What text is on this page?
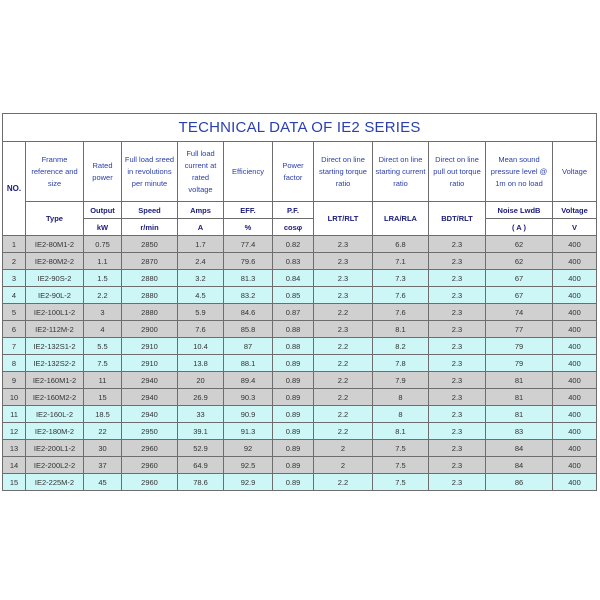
TECHNICAL DATA OF IE2 SERIES											
NO.	Franme reference and size	Rated power	Full load sreed in revolutions per minute	Full load current at rated voltage	Efficiency	Power factor	Direct on line starting torque ratio	Direct on line starting current ratio	Direct on line pull out torque ratio	Mean sound pressure level @ 1m on no load	Voltage
	Type	Output	Speed	Amps	EFF.	P.F.	LRT/RLT	LRA/RLA	BDT/RLT	Noise LwdB	Voltage
		kW	r/min	A	%	cosφ				( A )	V
1	IE2-80M1-2	0.75	2850	1.7	77.4	0.82	2.3	6.8	2.3	62	400
2	IE2-80M2-2	1.1	2870	2.4	79.6	0.83	2.3	7.1	2.3	62	400
3	IE2-90S-2	1.5	2880	3.2	81.3	0.84	2.3	7.3	2.3	67	400
4	IE2-90L-2	2.2	2880	4.5	83.2	0.85	2.3	7.6	2.3	67	400
5	IE2-100L1-2	3	2880	5.9	84.6	0.87	2.2	7.6	2.3	74	400
6	IE2-112M-2	4	2900	7.6	85.8	0.88	2.3	8.1	2.3	77	400
7	IE2-132S1-2	5.5	2910	10.4	87	0.88	2.2	8.2	2.3	79	400
8	IE2-132S2-2	7.5	2910	13.8	88.1	0.89	2.2	7.8	2.3	79	400
9	IE2-160M1-2	11	2940	20	89.4	0.89	2.2	7.9	2.3	81	400
10	IE2-160M2-2	15	2940	26.9	90.3	0.89	2.2	8	2.3	81	400
11	IE2-160L-2	18.5	2940	33	90.9	0.89	2.2	8	2.3	81	400
12	IE2-180M-2	22	2950	39.1	91.3	0.89	2.2	8.1	2.3	83	400
13	IE2-200L1-2	30	2960	52.9	92	0.89	2	7.5	2.3	84	400
14	IE2-200L2-2	37	2960	64.9	92.5	0.89	2	7.5	2.3	84	400
15	IE2-225M-2	45	2960	78.6	92.9	0.89	2.2	7.5	2.3	86	400
